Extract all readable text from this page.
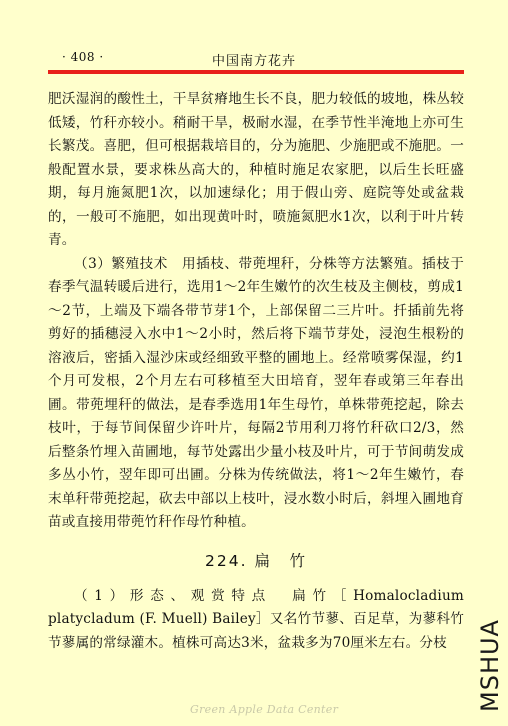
· 408 ·	中国南方花卉

肥沃湿润的酸性土，干旱贫瘠地生长不良，肥力较低的坡地，株丛较低矮，竹秆亦较小。稍耐干旱，极耐水湿，在季节性半淹地上亦可生长繁茂。喜肥，但可根据栽培目的，分为施肥、少施肥或不施肥。一般配置水景，要求株丛高大的，种植时施足农家肥，以后生长旺盛期，每月施氮肥1次，以加速绿化；用于假山旁、庭院等处或盆栽的，一般可不施肥，如出现黄叶时，喷施氮肥水1次，以利于叶片转青。

（3）繁殖技术　用插枝、带蔸埋秆，分株等方法繁殖。插枝于春季气温转暖后进行，选用1～2年生嫩竹的次生枝及主侧枝，剪成1～2节，上端及下端各带节芽1个，上部保留二三片叶。扦插前先将剪好的插穗浸入水中1～2小时，然后将下端节芽处，浸泡生根粉的溶液后，密插入湿沙床或经细致平整的圃地上。经常喷雾保湿，约1个月可发根，2个月左右可移植至大田培育，翌年春或第三年春出圃。带蔸埋秆的做法，是春季选用1年生母竹，单株带蔸挖起，除去枝叶，于每节间保留少许叶片，每隔2节用利刀将竹秆砍口2/3，然后整条竹埋入苗圃地，每节处露出少量小枝及叶片，可于节间萌发成多丛小竹，翌年即可出圃。分株为传统做法，将1～2年生嫩竹，春末单秆带蔸挖起，砍去中部以上枝叶，浸水数小时后，斜埋入圃地育苗或直接用带蔸竹秆作母竹种植。

224. 扁　竹

（1）形态、观赏特点　扁竹［Homalocladium platycladum (F. Muell) Bailey］又名竹节蓼、百足草，为蓼科竹节蓼属的常绿灌木。植株可高达3米，盆栽多为70厘米左右。分枝	MSHUA
Green Apple Data Center
